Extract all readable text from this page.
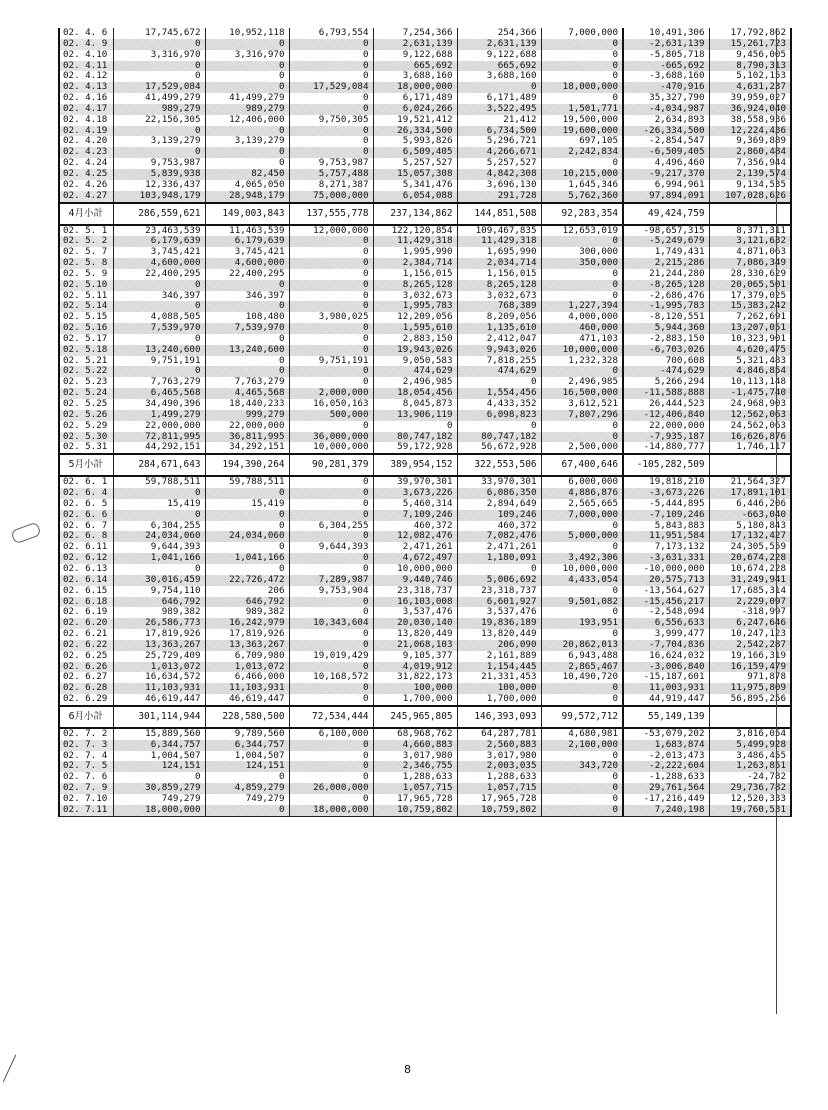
02. 4. 6	17,745,672	10,952,118	6,793,554	7,254,366	254,366	7,000,000	10,491,306	17,792,862
02. 4. 9	0	0	0	2,631,139	2,631,139	0	-2,631,139	15,261,723
02. 4.10	3,316,970	3,316,970	0	9,122,688	9,122,688	0	-5,805,718	9,456,005
02. 4.11	0	0	0	665,692	665,692	0	-665,692	8,790,313
02. 4.12	0	0	0	3,688,160	3,688,160	0	-3,688,160	5,102,153
02. 4.13	17,529,084	0	17,529,084	18,000,000	0	18,000,000	-470,916	4,631,237
02. 4.16	41,499,279	41,499,279	0	6,171,489	6,171,489	0	35,327,790	39,959,027
02. 4.17	989,279	989,279	0	6,024,266	3,522,495	1,501,771	-4,034,987	36,924,040
02. 4.18	22,156,305	12,406,000	9,750,305	19,521,412	21,412	19,500,000	2,634,893	38,558,936
02. 4.19	0	0	0	26,334,500	6,734,500	19,600,000	-26,334,500	12,224,436
02. 4.20	3,139,279	3,139,279	0	5,993,826	5,296,721	697,105	-2,854,547	9,369,889
02. 4.23	0	0	0	6,509,405	4,266,671	2,242,834	-6,509,405	2,860,484
02. 4.24	9,753,987	0	9,753,987	5,257,527	5,257,527	0	4,496,460	7,356,944
02. 4.25	5,839,938	82,450	5,757,488	15,057,308	4,842,308	10,215,000	-9,217,370	2,139,574
02. 4.26	12,336,437	4,065,050	8,271,387	5,341,476	3,696,130	1,645,346	6,994,961	9,134,535
02. 4.27	103,948,179	28,948,179	75,000,000	6,054,088	291,728	5,762,360	97,894,091	107,028,626
4月小計	286,559,621	149,003,843	137,555,778	237,134,862	144,851,508	92,283,354	49,424,759	
02. 5. 1	23,463,539	11,463,539	12,000,000	122,120,854	109,467,835	12,653,019	-98,657,315	8,371,311
02. 5. 2	6,179,639	6,179,639	0	11,429,318	11,429,318	0	-5,249,679	3,121,632
02. 5. 7	3,745,421	3,745,421	0	1,995,990	1,695,990	300,000	1,749,431	4,871,063
02. 5. 8	4,600,000	4,600,000	0	2,384,714	2,034,714	350,000	2,215,286	7,086,349
02. 5. 9	22,400,295	22,400,295	0	1,156,015	1,156,015	0	21,244,280	28,330,629
02. 5.10	0	0	0	8,265,128	8,265,128	0	-8,265,128	20,065,501
02. 5.11	346,397	346,397	0	3,032,673	3,032,673	0	-2,686,476	17,379,025
02. 5.14	0	0	0	1,995,783	768,389	1,227,394	-1,995,783	15,383,242
02. 5.15	4,088,505	108,480	3,980,025	12,209,056	8,209,056	4,000,000	-8,120,551	7,262,691
02. 5.16	7,539,970	7,539,970	0	1,595,610	1,135,610	460,000	5,944,360	13,207,051
02. 5.17	0	0	0	2,883,150	2,412,047	471,103	-2,883,150	10,323,901
02. 5.18	13,240,600	13,240,600	0	19,943,026	9,943,026	10,000,000	-6,703,026	4,620,475
02. 5.21	9,751,191	0	9,751,191	9,050,583	7,818,255	1,232,328	700,608	5,321,483
02. 5.22	0	0	0	474,629	474,629	0	-474,629	4,846,854
02. 5.23	7,763,279	7,763,279	0	2,496,985	0	2,496,985	5,266,294	10,113,148
02. 5.24	6,465,568	4,465,568	2,000,000	18,054,456	1,554,456	16,500,000	-11,588,888	-1,475,740
02. 5.25	34,490,396	18,440,233	16,050,163	8,045,873	4,433,352	3,612,521	26,444,523	24,968,903
02. 5.26	1,499,279	999,279	500,000	13,906,119	6,098,823	7,807,296	-12,406,840	12,562,063
02. 5.29	22,000,000	22,000,000	0	0	0	0	22,000,000	24,562,063
02. 5.30	72,811,995	36,811,995	36,000,000	80,747,182	80,747,182	0	-7,935,187	16,626,876
02. 5.31	44,292,151	34,292,151	10,000,000	59,172,928	56,672,928	2,500,000	-14,880,777	1,746,117
5月小計	284,671,643	194,390,264	90,281,379	389,954,152	322,553,506	67,400,646	-105,282,509	
02. 6. 1	59,788,511	59,788,511	0	39,970,301	33,970,301	6,000,000	19,818,210	21,564,327
02. 6. 4	0	0	0	3,673,226	6,086,350	4,886,876	-3,673,226	17,891,101
02. 6. 5	15,419	15,419	0	5,460,314	2,894,649	2,565,665	-5,444,895	6,446,206
02. 6. 6	0	0	0	7,109,246	109,246	7,000,000	-7,109,246	-663,040
02. 6. 7	6,304,255	0	6,304,255	460,372	460,372	0	5,843,883	5,180,843
02. 6. 8	24,034,060	24,034,060	0	12,082,476	7,082,476	5,000,000	11,951,584	17,132,427
02. 6.11	9,644,393	0	9,644,393	2,471,261	2,471,261	0	7,173,132	24,305,559
02. 6.12	1,041,166	1,041,166	0	4,672,497	1,180,091	3,492,306	-3,631,331	20,674,228
02. 6.13	0	0	0	10,000,000	0	10,000,000	-10,000,000	10,674,228
02. 6.14	30,016,459	22,726,472	7,289,987	9,440,746	5,006,692	4,433,054	20,575,713	31,249,941
02. 6.15	9,754,110	206	9,753,904	23,318,737	23,318,737	0	-13,564,627	17,685,314
02. 6.18	646,792	646,792	0	16,103,008	6,601,927	9,501,082	-15,456,217	2,229,097
02. 6.19	989,382	989,382	0	3,537,476	3,537,476	0	-2,548,094	-318,997
02. 6.20	26,586,773	16,242,979	10,343,604	20,030,140	19,836,189	193,951	6,556,633	6,247,646
02. 6.21	17,819,926	17,819,926	0	13,820,449	13,820,449	0	3,999,477	10,247,123
02. 6.22	13,363,267	13,363,267	0	21,068,103	206,090	20,862,013	-7,704,836	2,542,287
02. 6.25	25,729,409	6,709,980	19,019,429	9,105,377	2,161,889	6,943,488	16,624,032	19,166,319
02. 6.26	1,013,072	1,013,072	0	4,019,912	1,154,445	2,865,467	-3,006,840	16,159,479
02. 6.27	16,634,572	6,466,000	10,168,572	31,822,173	21,331,453	10,490,720	-15,187,601	971,878
02. 6.28	11,103,931	11,103,931	0	100,000	100,000	0	11,003,931	11,975,809
02. 6.29	46,619,447	46,619,447	0	1,700,000	1,700,000	0	44,919,447	56,895,256
6月小計	301,114,944	228,580,500	72,534,444	245,965,805	146,393,093	99,572,712	55,149,139	
02. 7. 2	15,889,560	9,789,560	6,100,000	68,968,762	64,287,781	4,680,981	-53,079,202	3,816,054
02. 7. 3	6,344,757	6,344,757	0	4,660,883	2,560,883	2,100,000	1,683,874	5,499,928
02. 7. 4	1,004,507	1,004,507	0	3,017,980	3,017,980	0	-2,013,473	3,486,455
02. 7. 5	124,151	124,151	0	2,346,755	2,003,035	343,720	-2,222,604	1,263,851
02. 7. 6	0	0	0	1,288,633	1,288,633	0	-1,288,633	-24,782
02. 7. 9	30,859,279	4,859,279	26,000,000	1,057,715	1,057,715	0	29,761,564	29,736,782
02. 7.10	749,279	749,279	0	17,965,728	17,965,728	0	-17,216,449	12,520,333
02. 7.11	18,000,000	0	18,000,000	10,759,802	10,759,802	0	7,240,198	19,760,531
8
